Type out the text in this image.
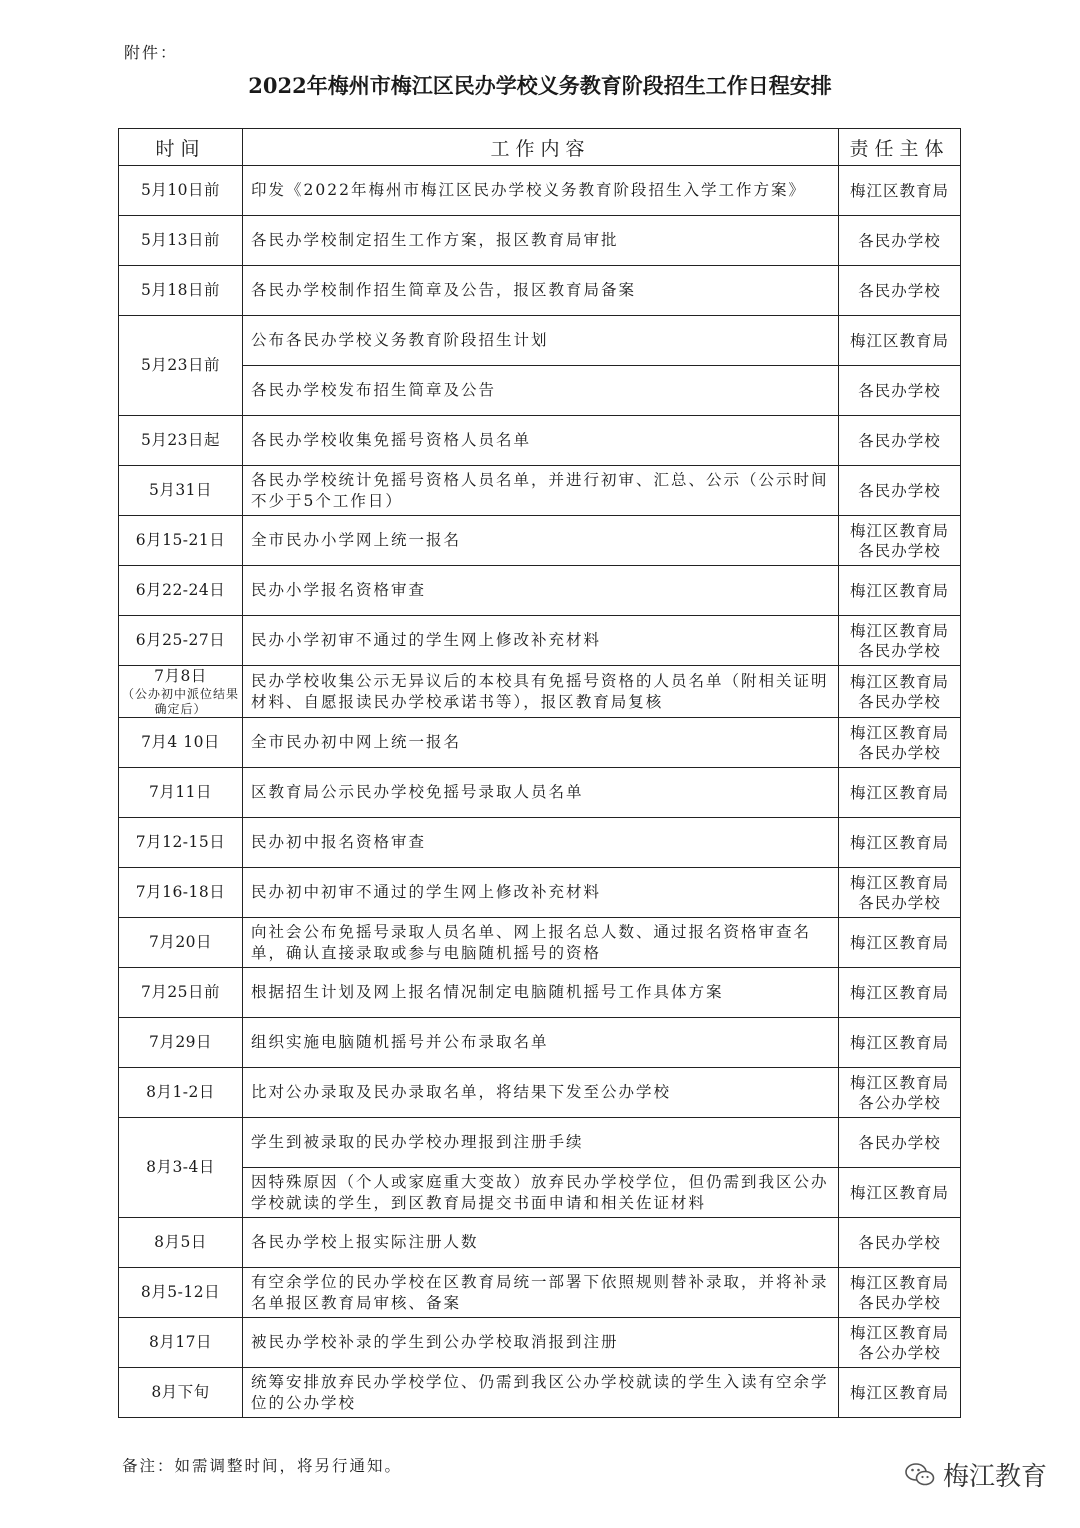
附件：
2022年梅州市梅江区民办学校义务教育阶段招生工作日程安排
时间	工作内容	责任主体
5月10日前	印发《2022年梅州市梅江区民办学校义务教育阶段招生入学工作方案》	梅江区教育局

5月13日前	各民办学校制定招生工作方案，报区教育局审批	各民办学校

5月18日前	各民办学校制作招生简章及公告，报区教育局备案	各民办学校

5月23日前	公布各民办学校义务教育阶段招生计划	梅江区教育局

	各民办学校发布招生简章及公告	各民办学校

5月23日起	各民办学校收集免摇号资格人员名单	各民办学校

5月31日	各民办学校统计免摇号资格人员名单，并进行初审、汇总、公示（公示时间不少于5个工作日）	各民办学校

6月15-21日	全市民办小学网上统一报名	梅江区教育局
各民办学校

6月22-24日	民办小学报名资格审查	梅江区教育局

6月25-27日	民办小学初审不通过的学生网上修改补充材料	梅江区教育局
各民办学校

7月8日
（公办初中派位结果确定后）	民办学校收集公示无异议后的本校具有免摇号资格的人员名单（附相关证明材料、自愿报读民办学校承诺书等），报区教育局复核	梅江区教育局
各民办学校

7月4 10日	全市民办初中网上统一报名	梅江区教育局
各民办学校

7月11日	区教育局公示民办学校免摇号录取人员名单	梅江区教育局

7月12-15日	民办初中报名资格审查	梅江区教育局

7月16-18日	民办初中初审不通过的学生网上修改补充材料	梅江区教育局
各民办学校

7月20日	向社会公布免摇号录取人员名单、网上报名总人数、通过报名资格审查名单，确认直接录取或参与电脑随机摇号的资格	梅江区教育局

7月25日前	根据招生计划及网上报名情况制定电脑随机摇号工作具体方案	梅江区教育局

7月29日	组织实施电脑随机摇号并公布录取名单	梅江区教育局

8月1-2日	比对公办录取及民办录取名单，将结果下发至公办学校	梅江区教育局
各公办学校

8月3-4日	学生到被录取的民办学校办理报到注册手续	各民办学校

	因特殊原因（个人或家庭重大变故）放弃民办学校学位，但仍需到我区公办学校就读的学生，到区教育局提交书面申请和相关佐证材料	梅江区教育局

8月5日	各民办学校上报实际注册人数	各民办学校

8月5-12日	有空余学位的民办学校在区教育局统一部署下依照规则替补录取，并将补录名单报区教育局审核、备案	梅江区教育局
各民办学校

8月17日	被民办学校补录的学生到公办学校取消报到注册	梅江区教育局
各公办学校

8月下旬	统筹安排放弃民办学校学位、仍需到我区公办学校就读的学生入读有空余学位的公办学校	梅江区教育局
备注：如需调整时间，将另行通知。	梅江教育
